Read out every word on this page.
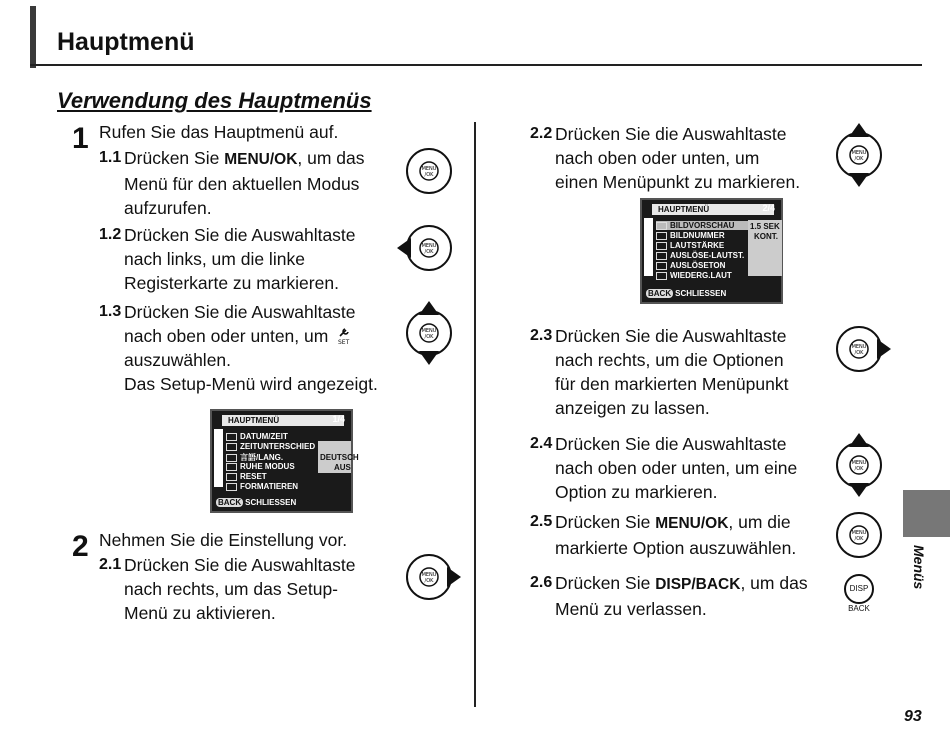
Hauptmenü
Verwendung des Hauptmenüs
1 Rufen Sie das Hauptmenü auf.
1.1 Drücken Sie MENU/OK, um das
Menü für den aktuellen Modus
aufzurufen.
1.2 Drücken Sie die Auswahltaste
nach links, um die linke
Registerkarte zu markieren.
1.3 Drücken Sie die Auswahltaste
nach oben oder unten, um SET
auszuwählen.
Das Setup-Menü wird angezeigt.
MENU
/OK
MENU
/OK
MENU
/OK
MENU
/OK
HAUPTMENÜ	1/4
DATUM/ZEIT
ZEITUNTERSCHIED
言語/LANG.
RUHE MODUS
RESET
FORMATIEREN
DEUTSCH
AUS
BACK SCHLIESSEN
2 Nehmen Sie die Einstellung vor.
2.1 Drücken Sie die Auswahltaste
nach rechts, um das Setup-
Menü zu aktivieren.
2.2 Drücken Sie die Auswahltaste
nach oben oder unten, um
einen Menüpunkt zu markieren.
MENU
/OK
HAUPTMENÜ	2/4
BILDVORSCHAU
BILDNUMMER
LAUTSTÄRKE
AUSLÖSE-LAUTST.
AUSLÖSETON
WIEDERG.LAUT
1.5 SEK
KONT.
BACK SCHLIESSEN
2.3 Drücken Sie die Auswahltaste
nach rechts, um die Optionen
für den markierten Menüpunkt
anzeigen zu lassen.
MENU
/OK
2.4 Drücken Sie die Auswahltaste
nach oben oder unten, um eine
Option zu markieren.
MENU
/OK
2.5 Drücken Sie MENU/OK, um die
markierte Option auszuwählen.
MENU
/OK
2.6 Drücken Sie DISP/BACK, um das
Menü zu verlassen.
DISP
BACK
Menüs
93
